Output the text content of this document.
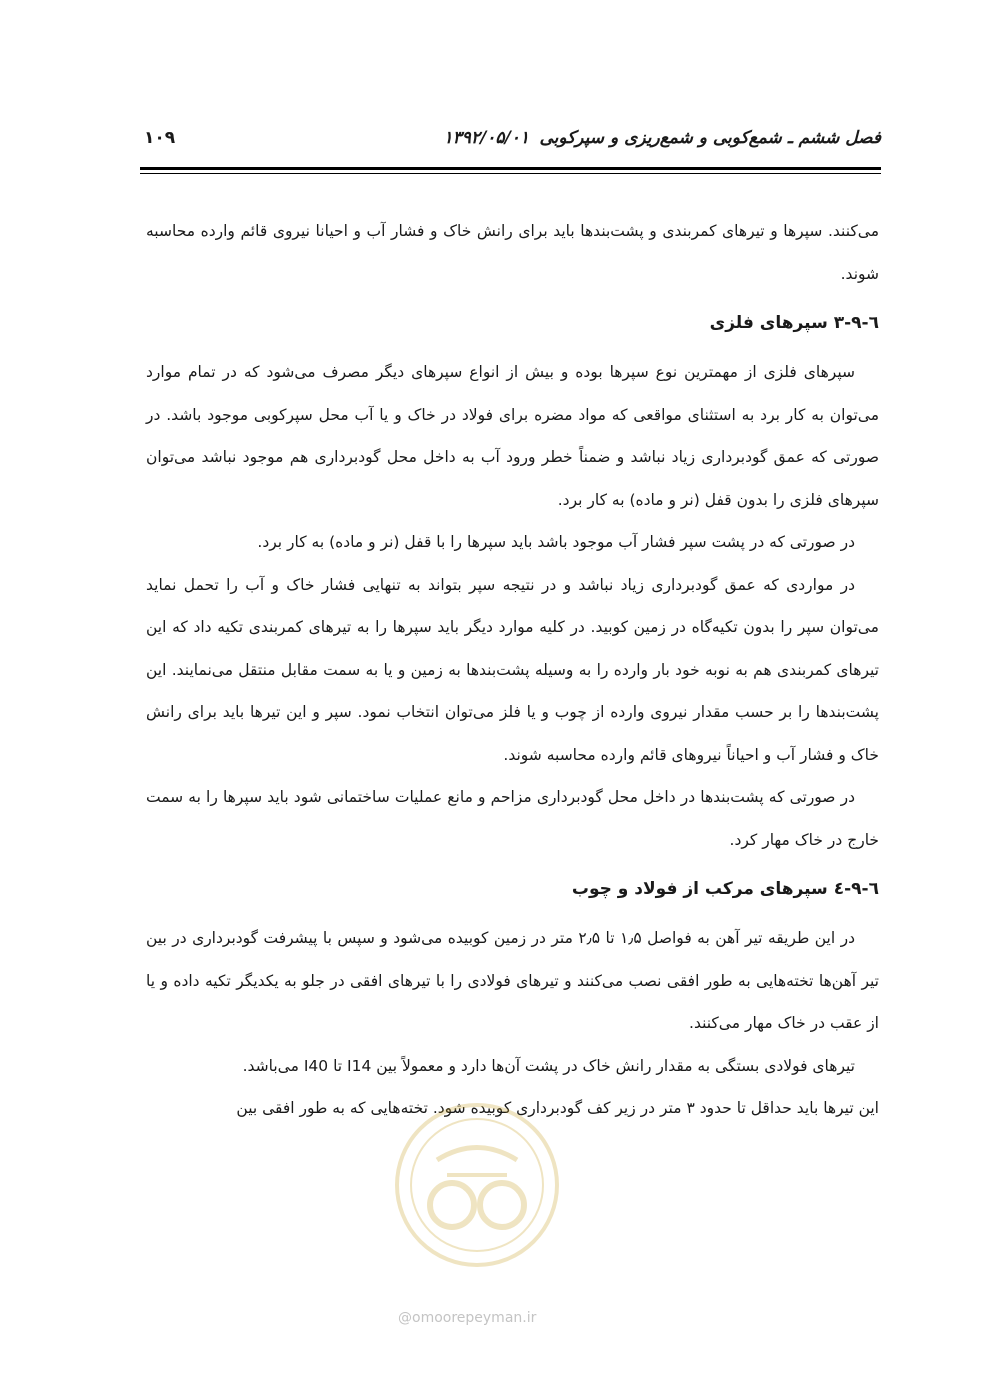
فصل ششم ـ شمع‌کوبی و شمع‌ریزی و سپرکوبی
۱۳۹۲/۰۵/۰۱
۱۰۹

می‌کنند. سپرها و تیرهای کمربندی و پشت‌بندها باید برای رانش خاک و فشار آب و احیانا نیروی قائم وارده محاسبه شوند.

٦-٩-٣ سپرهای فلزی

سپرهای فلزی از مهمترین نوع سپرها بوده و بیش از انواع سپرهای دیگر مصرف می‌شود که در تمام موارد می‌توان به کار برد به استثنای مواقعی که مواد مضره برای فولاد در خاک و یا آب محل سپرکوبی موجود باشد. در صورتی که عمق گودبرداری زیاد نباشد و ضمناً خطر ورود آب به داخل محل گودبرداری هم موجود نباشد می‌توان سپرهای فلزی را بدون قفل (نر و ماده) به کار برد.

در صورتی که در پشت سپر فشار آب موجود باشد باید سپرها را با قفل (نر و ماده) به کار برد.

در مواردی که عمق گودبرداری زیاد نباشد و در نتیجه سپر بتواند به تنهایی فشار خاک و آب را تحمل نماید می‌توان سپر را بدون تکیه‌گاه در زمین کوبید. در کلیه موارد دیگر باید سپرها را به تیرهای کمربندی تکیه داد که این تیرهای کمربندی هم به نوبه خود بار وارده را به وسیله پشت‌بندها به زمین و یا به سمت مقابل منتقل می‌نمایند. این پشت‌بندها را بر حسب مقدار نیروی وارده از چوب و یا فلز می‌توان انتخاب نمود. سپر و این تیرها باید برای رانش خاک و فشار آب و احیاناً نیروهای قائم وارده محاسبه شوند.

در صورتی که پشت‌بندها در داخل محل گودبرداری مزاحم و مانع عملیات ساختمانی شود باید سپرها را به سمت خارج در خاک مهار کرد.

٦-٩-٤ سپرهای مرکب از فولاد و چوب

در این طریقه تیر آهن به فواصل ۱٫۵ تا ۲٫۵ متر در زمین کوبیده می‌شود و سپس با پیشرفت گودبرداری در بین تیر آهن‌ها تخته‌هایی به طور افقی نصب می‌کنند و تیرهای فولادی را با تیرهای افقی در جلو به یکدیگر تکیه داده و یا از عقب در خاک مهار می‌کنند.

تیرهای فولادی بستگی به مقدار رانش خاک در پشت آن‌ها دارد و معمولاً بین I14 تا I40 می‌باشد.

این تیرها باید حداقل تا حدود ۳ متر در زیر کف گودبرداری کوبیده شود. تخته‌هایی که به طور افقی بین

@omoorepeyman.ir
